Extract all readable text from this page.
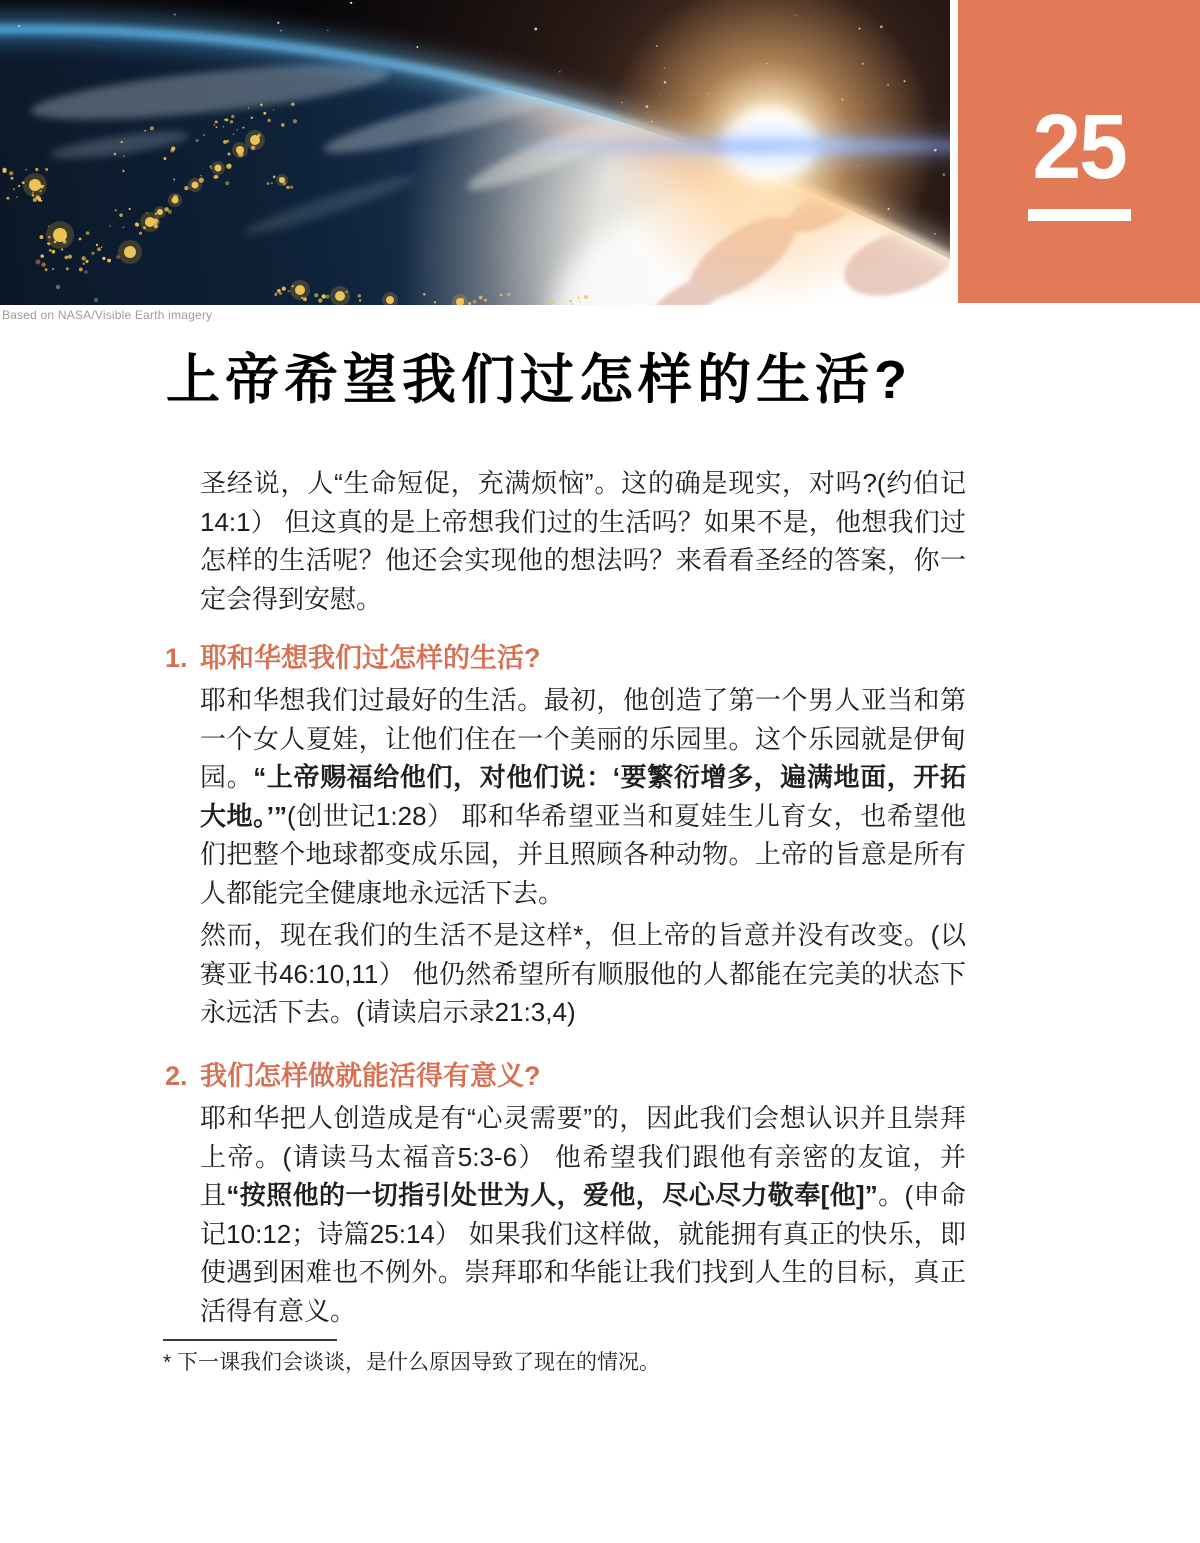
25
Based on NASA/Visible Earth imagery
上帝希望我们过怎样的生活?

圣经说，人“生命短促，充满烦恼”。这的确是现实，对吗?(约伯记14:1） 但这真的是上帝想我们过的生活吗？如果不是，他想我们过怎样的生活呢？他还会实现他的想法吗？来看看圣经的答案，你一定会得到安慰。

1. 耶和华想我们过怎样的生活?

耶和华想我们过最好的生活。最初，他创造了第一个男人亚当和第一个女人夏娃，让他们住在一个美丽的乐园里。这个乐园就是伊甸园。“上帝赐福给他们，对他们说：‘要繁衍增多，遍满地面，开拓大地。’”(创世记1:28） 耶和华希望亚当和夏娃生儿育女，也希望他们把整个地球都变成乐园，并且照顾各种动物。上帝的旨意是所有人都能完全健康地永远活下去。

然而，现在我们的生活不是这样*，但上帝的旨意并没有改变。(以赛亚书46:10,11） 他仍然希望所有顺服他的人都能在完美的状态下永远活下去。(请读启示录21:3,4)

2. 我们怎样做就能活得有意义?

耶和华把人创造成是有“心灵需要”的，因此我们会想认识并且崇拜上帝。(请读马太福音5:3-6） 他希望我们跟他有亲密的友谊，并且“按照他的一切指引处世为人，爱他，尽心尽力敬奉[他]”。(申命记10:12；诗篇25:14） 如果我们这样做，就能拥有真正的快乐，即使遇到困难也不例外。崇拜耶和华能让我们找到人生的目标，真正活得有意义。

* 下一课我们会谈谈，是什么原因导致了现在的情况。
